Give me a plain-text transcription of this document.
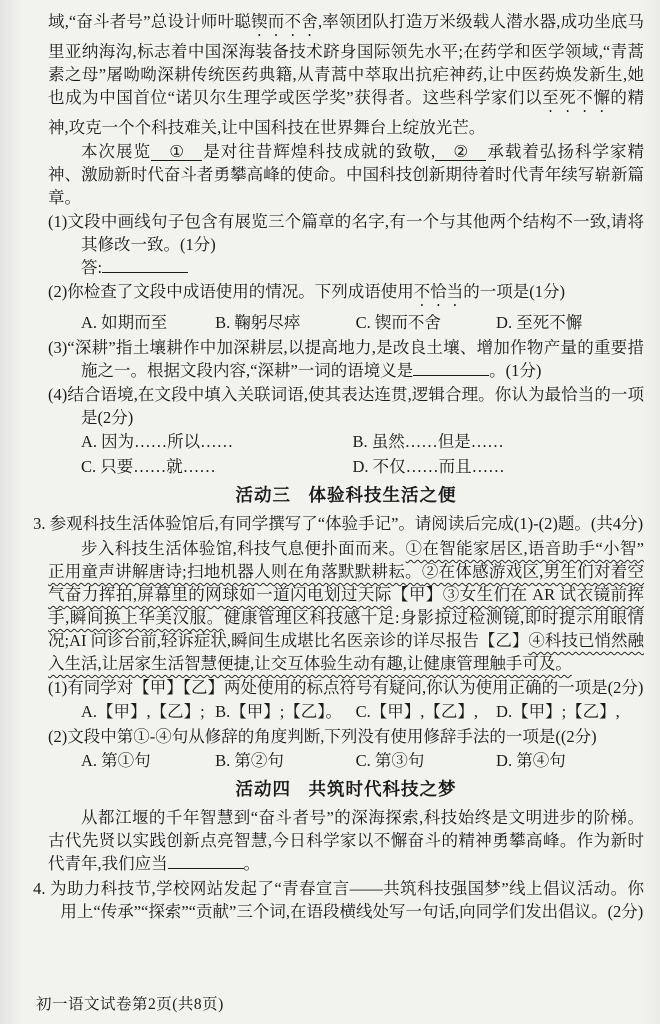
域,“奋斗者号”总设计师叶聪锲而不舍,率领团队打造万米级载人潜水器,成功坐底马里亚纳海沟,标志着中国深海装备技术跻身国际领先水平;在药学和医学领域,“青蒿素之母”屠呦呦深耕传统医药典籍,从青蒿中萃取出抗疟神药,让中医药焕发新生,她也成为中国首位“诺贝尔生理学或医学奖”获得者。这些科学家们以至死不懈的精神,攻克一个个科技难关,让中国科技在世界舞台上绽放光芒。

本次展览 ① 是对往昔辉煌科技成就的致敬, ② 承载着弘扬科学家精神、激励新时代奋斗者勇攀高峰的使命。中国科技创新期待着时代青年续写崭新篇章。

(1)文段中画线句子包含有展览三个篇章的名字,有一个与其他两个结构不一致,请将其修改一致。(1分)
答:
(2)你检查了文段中成语使用的情况。下列成语使用不恰当的一项是(1分)
A. 如期而至	B. 鞠躬尽瘁	C. 锲而不舍	D. 至死不懈
(3)“深耕”指土壤耕作中加深耕层,以提高地力,是改良土壤、增加作物产量的重要措施之一。根据文段内容,“深耕”一词的语境义是	。(1分)
(4)结合语境,在文段中填入关联词语,使其表达连贯,逻辑合理。你认为最恰当的一项是(2分)
A. 因为……所以……	B. 虽然……但是……
C. 只要……就……	D. 不仅……而且……
活动三 体验科技生活之便
3. 参观科技生活体验馆后,有同学撰写了“体验手记”。请阅读后完成(1)-(2)题。(共4分)

步入科技生活体验馆,科技气息便扑面而来。①在智能家居区,语音助手“小智”正用童声讲解唐诗;扫地机器人则在角落默默耕耘。②在体感游戏区,男生们对着空气奋力挥拍,屏幕里的网球如一道闪电划过天际【甲】③女生们在 AR 试衣镜前挥手,瞬间换上华美汉服。健康管理区科技感十足:身影掠过检测镜,即时提示用眼情况;AI 问诊台前,轻诉症状,瞬间生成堪比名医亲诊的详尽报告【乙】④科技已悄然融入生活,让居家生活智慧便捷,让交互体验生动有趣,让健康管理触手可及。

(1)有同学对【甲】【乙】两处使用的标点符号有疑问,你认为使用正确的一项是(2分)
A.【甲】,【乙】; B.【甲】;【乙】。 C.【甲】,【乙】,	D.【甲】;【乙】,
(2)文段中第①-④句从修辞的角度判断,下列没有使用修辞手法的一项是((2分)
A. 第①句	B. 第②句	C. 第③句	D. 第④句
活动四 共筑时代科技之梦

从都江堰的千年智慧到“奋斗者号”的深海探索,科技始终是文明进步的阶梯。古代先贤以实践创新点亮智慧,今日科学家以不懈奋斗的精神勇攀高峰。作为新时代青年,我们应当	。

4. 为助力科技节,学校网站发起了“青春宣言——共筑科技强国梦”线上倡议活动。你用上“传承”“探索”“贡献”三个词,在语段横线处写一句话,向同学们发出倡议。(2分)
初一语文试卷第2页(共8页)
